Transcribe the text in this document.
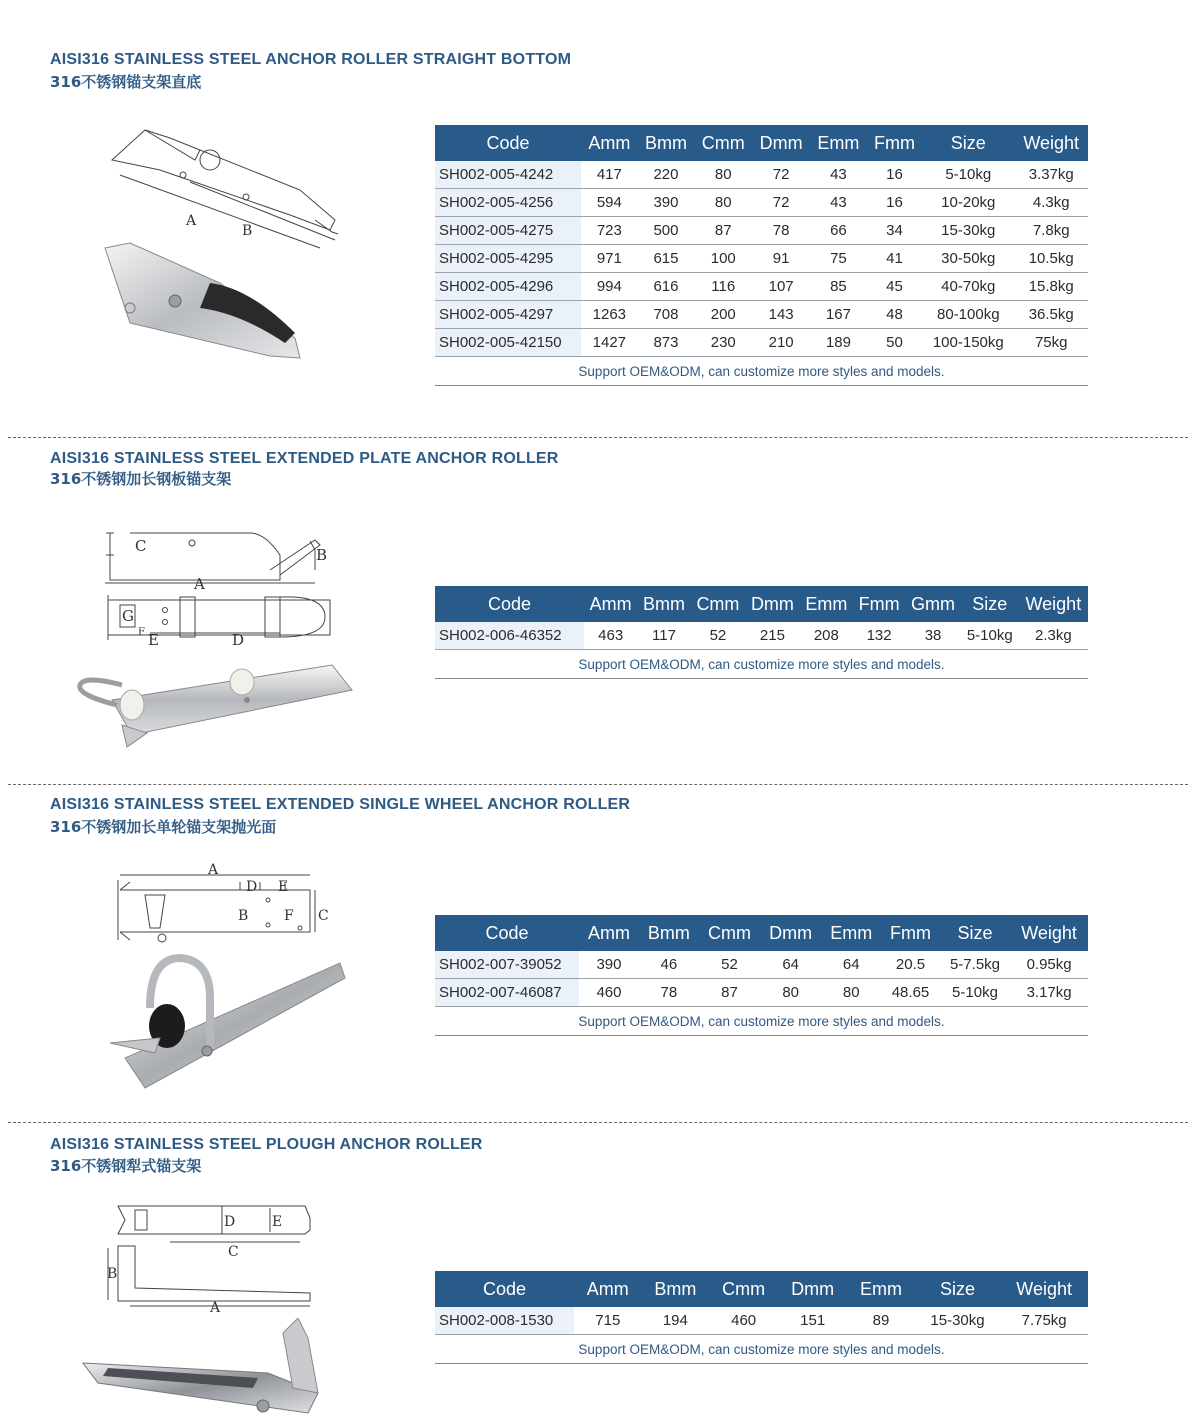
AISI316 STAINLESS STEEL ANCHOR ROLLER STRAIGHT BOTTOM
316不锈钢锚支架直底
A
B
Code	Amm	Bmm	Cmm	Dmm	Emm	Fmm	Size	Weight
SH002-005-4242	417	220	80	72	43	16	5-10kg	3.37kg
SH002-005-4256	594	390	80	72	43	16	10-20kg	4.3kg
SH002-005-4275	723	500	87	78	66	34	15-30kg	7.8kg
SH002-005-4295	971	615	100	91	75	41	30-50kg	10.5kg
SH002-005-4296	994	616	116	107	85	45	40-70kg	15.8kg
SH002-005-4297	1263	708	200	143	167	48	80-100kg	36.5kg
SH002-005-42150	1427	873	230	210	189	50	100-150kg	75kg
Support OEM&ODM, can customize more styles and models.								
AISI316 STAINLESS STEEL EXTENDED PLATE ANCHOR ROLLER
316不锈钢加长钢板锚支架
C	B
A
G
F E	D
Code	Amm	Bmm	Cmm	Dmm	Emm	Fmm	Gmm	Size	Weight
SH002-006-46352	463	117	52	215	208	132	38	5-10kg	2.3kg
Support OEM&ODM, can customize more styles and models.									
AISI316 STAINLESS STEEL EXTENDED SINGLE WHEEL ANCHOR ROLLER
316不锈钢加长单轮锚支架抛光面
A
D E
B	F C
Code	Amm	Bmm	Cmm	Dmm	Emm	Fmm	Size	Weight
SH002-007-39052	390	46	52	64	64	20.5	5-7.5kg	0.95kg
SH002-007-46087	460	78	87	80	80	48.65	5-10kg	3.17kg
Support OEM&ODM, can customize more styles and models.								
AISI316 STAINLESS STEEL PLOUGH ANCHOR ROLLER
316不锈钢犁式锚支架
D	E
C
B
A
Code	Amm	Bmm	Cmm	Dmm	Emm	Size	Weight
SH002-008-1530	715	194	460	151	89	15-30kg	7.75kg
Support OEM&ODM, can customize more styles and models.							
